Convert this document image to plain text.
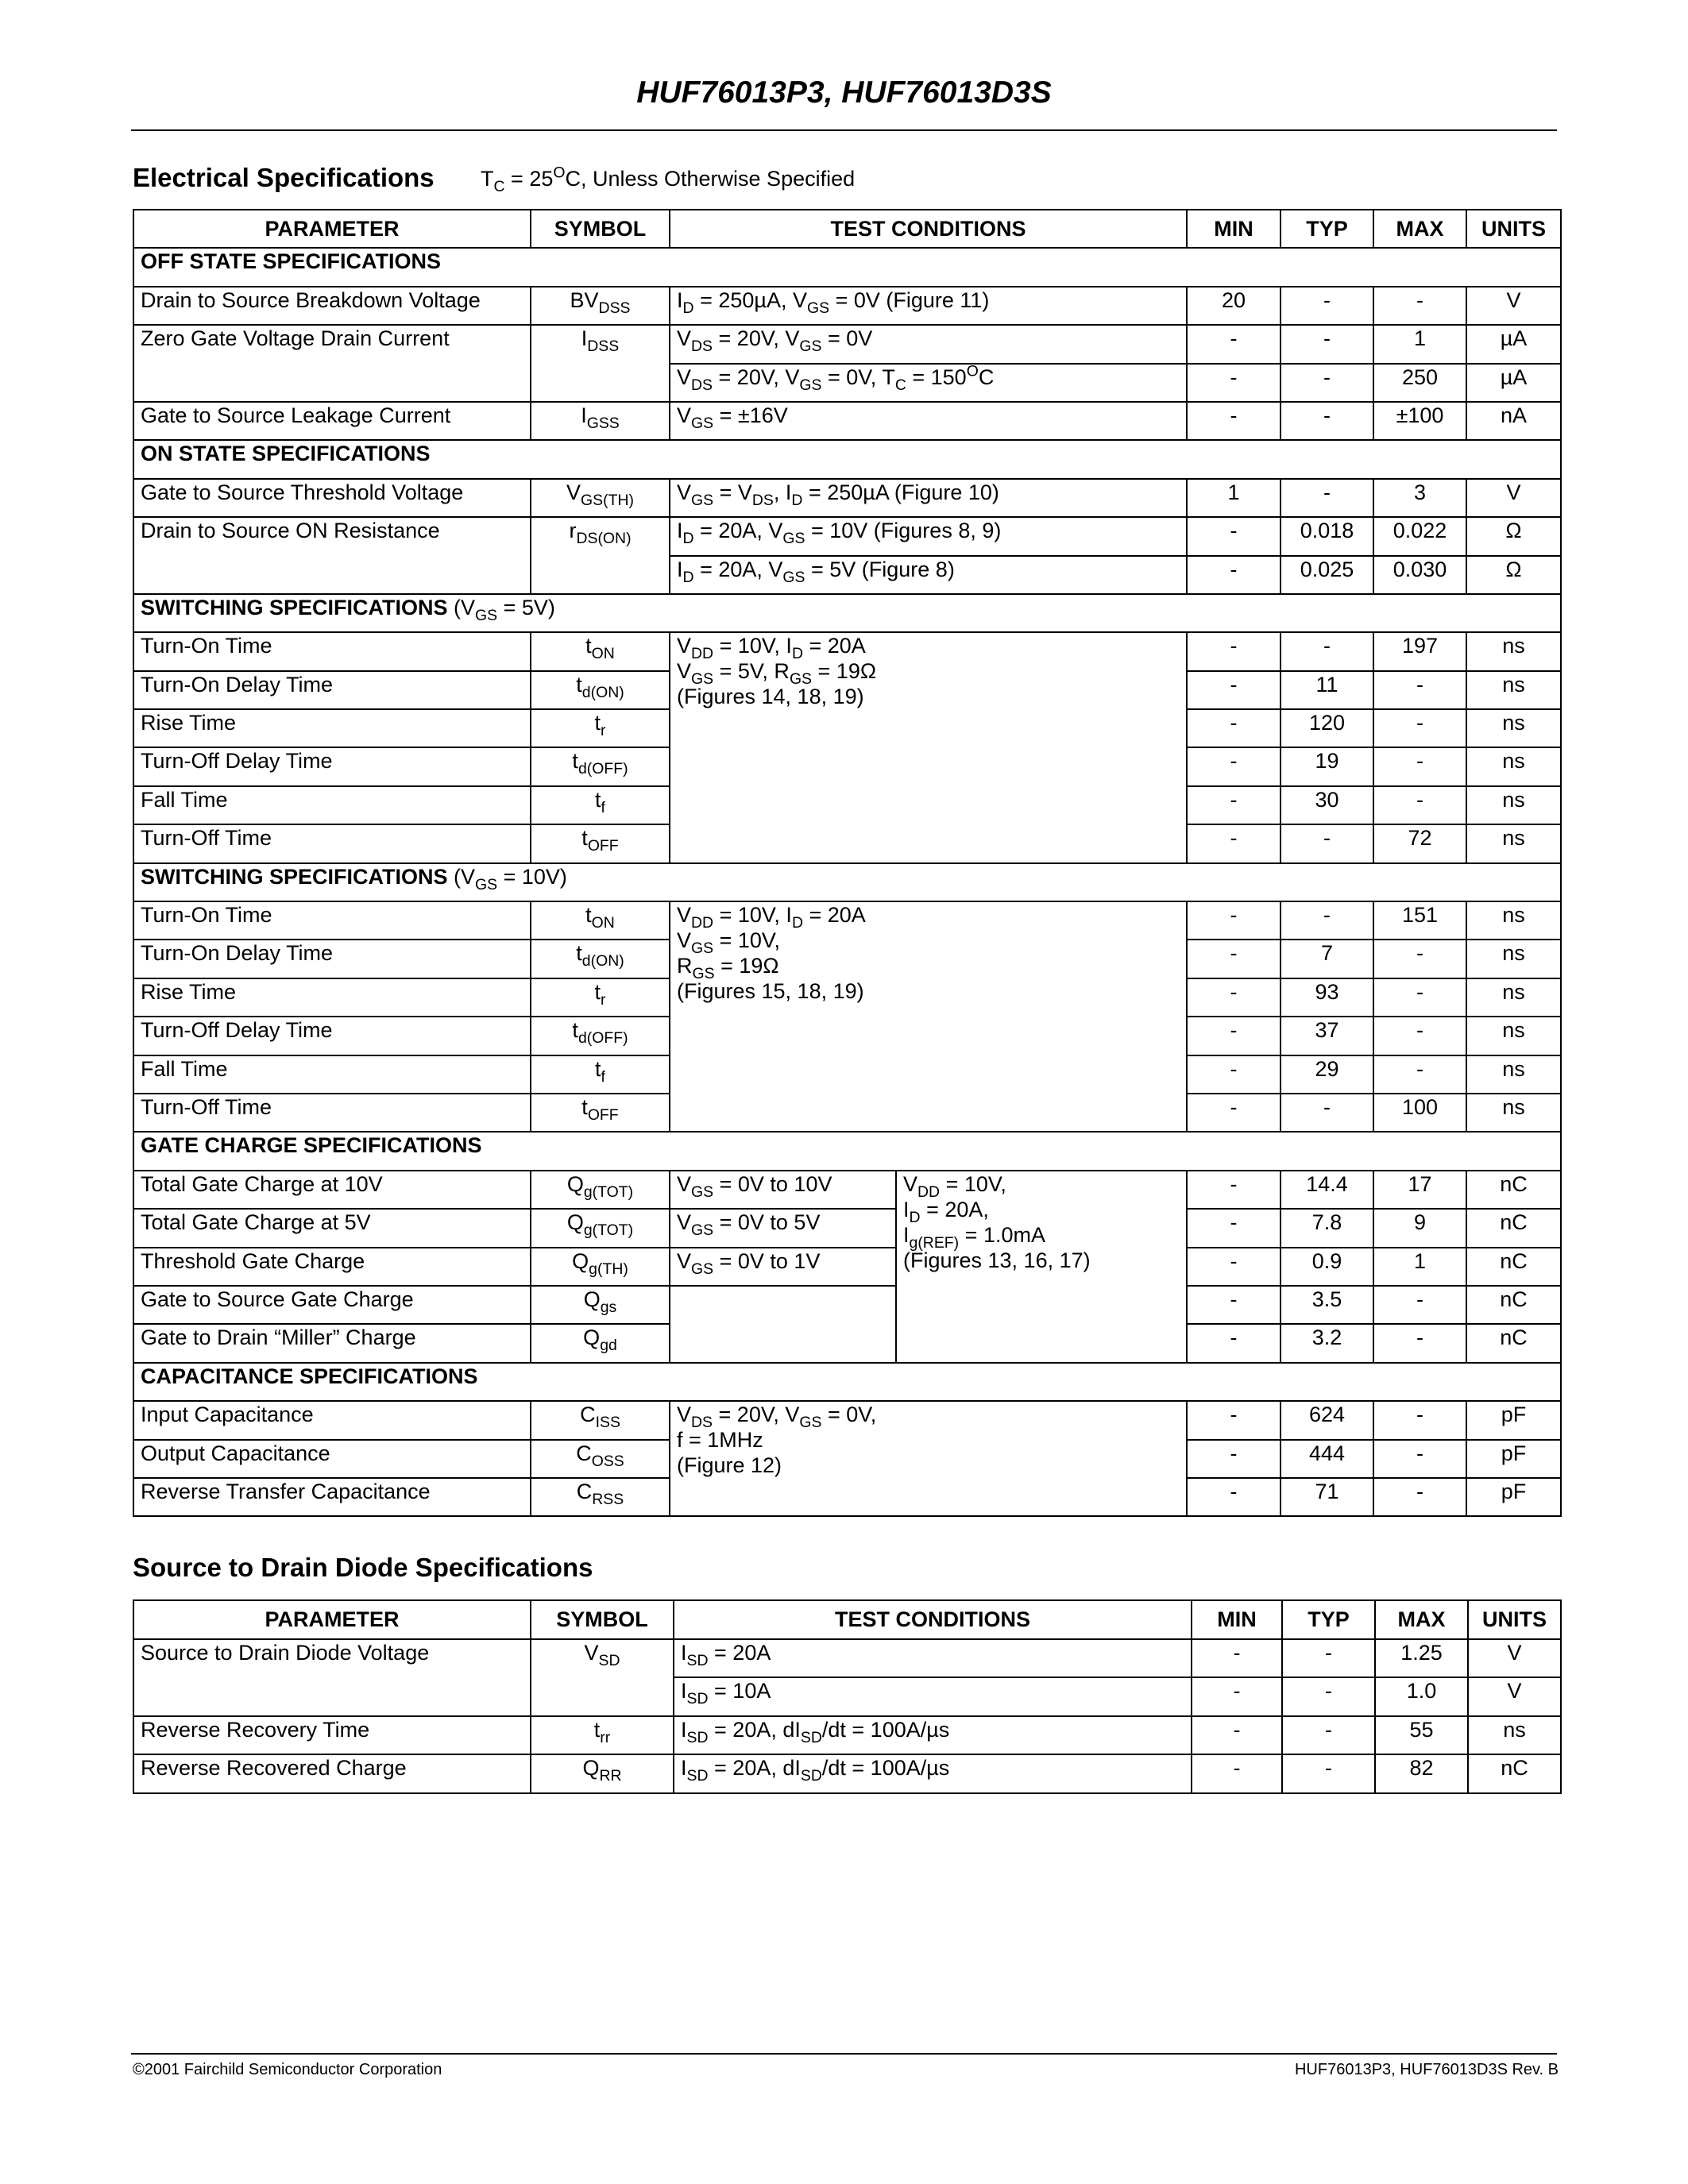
HUF76013P3, HUF76013D3S
Electrical Specifications $T_C = 25^OC$, Unless Otherwise Specified
PARAMETER	SYMBOL	TEST CONDITIONS		MIN	TYP	MAX	UNITS
OFF STATE SPECIFICATIONS							
Drain to Source Breakdown Voltage	$BV_{DSS}$	$I_D = 250\mu A$, $V_{GS} = 0V$ (Figure 11)		20	-	-	V
Zero Gate Voltage Drain Current	$I_{DSS}$	$V_{DS} = 20V$, $V_{GS} = 0V$		-	-	1	µA
		$V_{DS} = 20V$, $V_{GS} = 0V$, $T_C = 150^OC$		-	-	250	µA
Gate to Source Leakage Current	$I_{GSS}$	$V_{GS} = \pm 16V$		-	-	±100	nA
ON STATE SPECIFICATIONS							
Gate to Source Threshold Voltage	$V_{GS(TH)}$	$V_{GS} = V_{DS}$, $I_D = 250\mu A$ (Figure 10)		1	-	3	V
Drain to Source ON Resistance	$r_{DS(ON)}$	$I_D = 20A$, $V_{GS} = 10V$ (Figures 8, 9)		-	0.018	0.022	Ω
		$I_D = 20A$, $V_{GS} = 5V$ (Figure 8)		-	0.025	0.030	Ω
SWITCHING SPECIFICATIONS $(V_{GS} = 5V)$							
Turn-On Time	$t_{ON}$	$V_{DD} = 10V$, $I_D = 20A$
$V_{GS} = 5V$, $R_{GS} = 19\Omega$
(Figures 14, 18, 19)		-	-	197	ns
Turn-On Delay Time	$t_{d(ON)}$			-	11	-	ns
Rise Time	$t_r$			-	120	-	ns
Turn-Off Delay Time	$t_{d(OFF)}$			-	19	-	ns
Fall Time	$t_f$			-	30	-	ns
Turn-Off Time	$t_{OFF}$			-	-	72	ns
SWITCHING SPECIFICATIONS $(V_{GS} = 10V)$							
Turn-On Time	$t_{ON}$	$V_{DD} = 10V$, $I_D = 20A$
$V_{GS} = 10V$,
$R_{GS} = 19\Omega$
(Figures 15, 18, 19)		-	-	151	ns
Turn-On Delay Time	$t_{d(ON)}$			-	7	-	ns
Rise Time	$t_r$			-	93	-	ns
Turn-Off Delay Time	$t_{d(OFF)}$			-	37	-	ns
Fall Time	$t_f$			-	29	-	ns
Turn-Off Time	$t_{OFF}$			-	-	100	ns
GATE CHARGE SPECIFICATIONS							
Total Gate Charge at 10V	$Q_{g(TOT)}$	$V_{GS} = 0V$ to 10V	$V_{DD} = 10V$,
$I_D = 20A$,
$I_{g(REF)} = 1.0mA$
(Figures 13, 16, 17)	-	14.4	17	nC
Total Gate Charge at 5V	$Q_{g(TOT)}$	$V_{GS} = 0V$ to 5V		-	7.8	9	nC
Threshold Gate Charge	$Q_{g(TH)}$	$V_{GS} = 0V$ to 1V		-	0.9	1	nC
Gate to Source Gate Charge	$Q_{gs}$			-	3.5	-	nC
Gate to Drain “Miller” Charge	$Q_{gd}$			-	3.2	-	nC
CAPACITANCE SPECIFICATIONS							
Input Capacitance	$C_{ISS}$	$V_{DS} = 20V$, $V_{GS} = 0V$,
f = 1MHz
(Figure 12)		-	624	-	pF
Output Capacitance	$C_{OSS}$			-	444	-	pF
Reverse Transfer Capacitance	$C_{RSS}$			-	71	-	pF
Source to Drain Diode Specifications
PARAMETER	SYMBOL	TEST CONDITIONS	MIN	TYP	MAX	UNITS
Source to Drain Diode Voltage	$V_{SD}$	$I_{SD} = 20A$	-	-	1.25	V
		$I_{SD} = 10A$	-	-	1.0	V
Reverse Recovery Time	$t_{rr}$	$I_{SD} = 20A$, $dI_{SD}/dt = 100A/\mu s$	-	-	55	ns
Reverse Recovered Charge	$Q_{RR}$	$I_{SD} = 20A$, $dI_{SD}/dt = 100A/\mu s$	-	-	82	nC
©2001 Fairchild Semiconductor Corporation	HUF76013P3, HUF76013D3S Rev. B
